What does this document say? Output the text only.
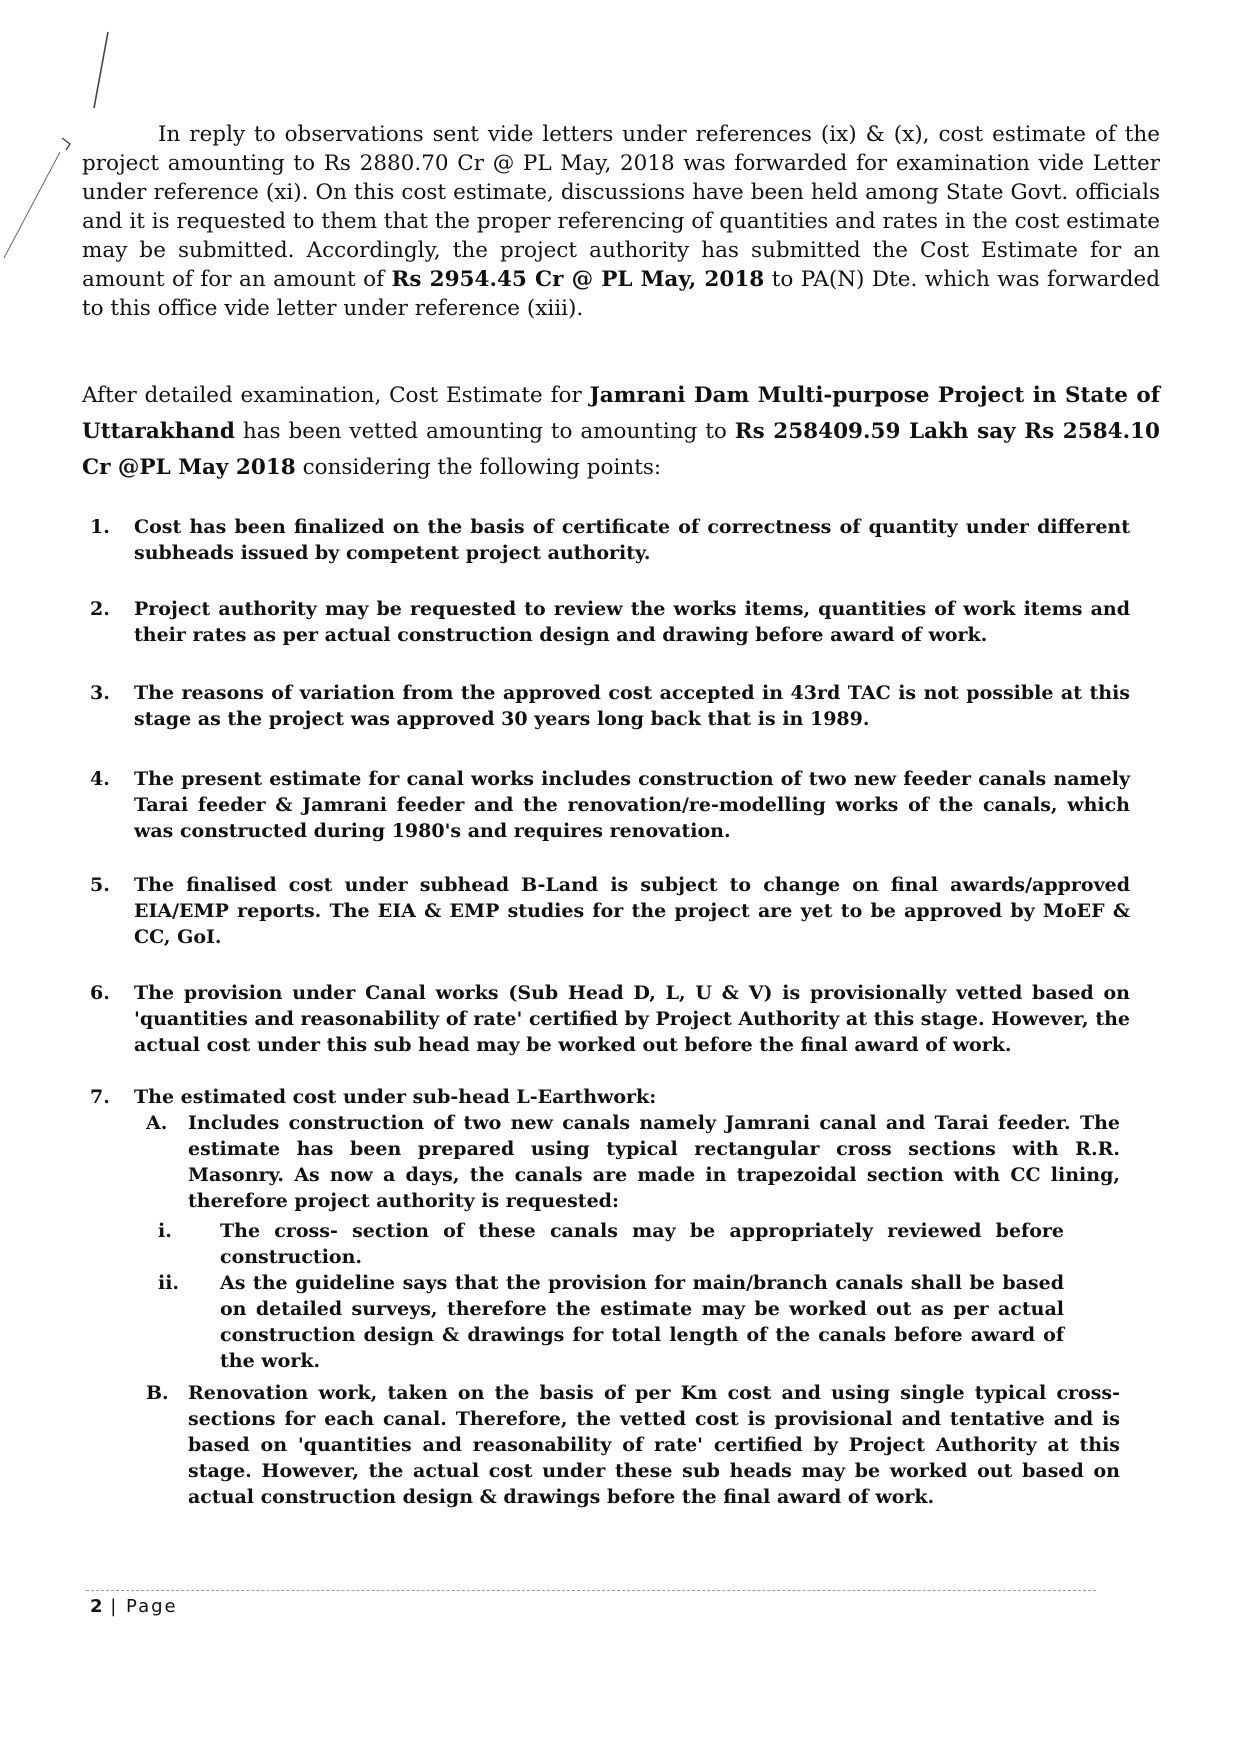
In reply to observations sent vide letters under references (ix) & (x), cost estimate of the project amounting to Rs 2880.70 Cr @ PL May, 2018 was forwarded for examination vide Letter under reference (xi). On this cost estimate, discussions have been held among State Govt. officials and it is requested to them that the proper referencing of quantities and rates in the cost estimate may be submitted. Accordingly, the project authority has submitted the Cost Estimate for an amount of for an amount of Rs 2954.45 Cr @ PL May, 2018 to PA(N) Dte. which was forwarded to this office vide letter under reference (xiii).

After detailed examination, Cost Estimate for Jamrani Dam Multi-purpose Project in State of Uttarakhand has been vetted amounting to amounting to Rs 258409.59 Lakh say Rs 2584.10 Cr @PL May 2018 considering the following points:

1.	Cost has been finalized on the basis of certificate of correctness of quantity under different subheads issued by competent project authority.
2.	Project authority may be requested to review the works items, quantities of work items and their rates as per actual construction design and drawing before award of work.
3.	The reasons of variation from the approved cost accepted in 43rd TAC is not possible at this stage as the project was approved 30 years long back that is in 1989.
4.	The present estimate for canal works includes construction of two new feeder canals namely Tarai feeder & Jamrani feeder and the renovation/re-modelling works of the canals, which was constructed during 1980's and requires renovation.
5.	The finalised cost under subhead B-Land is subject to change on final awards/approved EIA/EMP reports. The EIA & EMP studies for the project are yet to be approved by MoEF & CC, GoI.
6.	The provision under Canal works (Sub Head D, L, U & V) is provisionally vetted based on 'quantities and reasonability of rate' certified by Project Authority at this stage. However, the actual cost under this sub head may be worked out before the final award of work.
7.	The estimated cost under sub-head L-Earthwork:
A.	Includes construction of two new canals namely Jamrani canal and Tarai feeder. The estimate has been prepared using typical rectangular cross sections with R.R. Masonry. As now a days, the canals are made in trapezoidal section with CC lining, therefore project authority is requested:
i.	The cross- section of these canals may be appropriately reviewed before construction.
ii.	As the guideline says that the provision for main/branch canals shall be based on detailed surveys, therefore the estimate may be worked out as per actual construction design & drawings for total length of the canals before award of the work.
B.	Renovation work, taken on the basis of per Km cost and using single typical cross-sections for each canal. Therefore, the vetted cost is provisional and tentative and is based on 'quantities and reasonability of rate' certified by Project Authority at this stage. However, the actual cost under these sub heads may be worked out based on actual construction design & drawings before the final award of work.
2 | Page
